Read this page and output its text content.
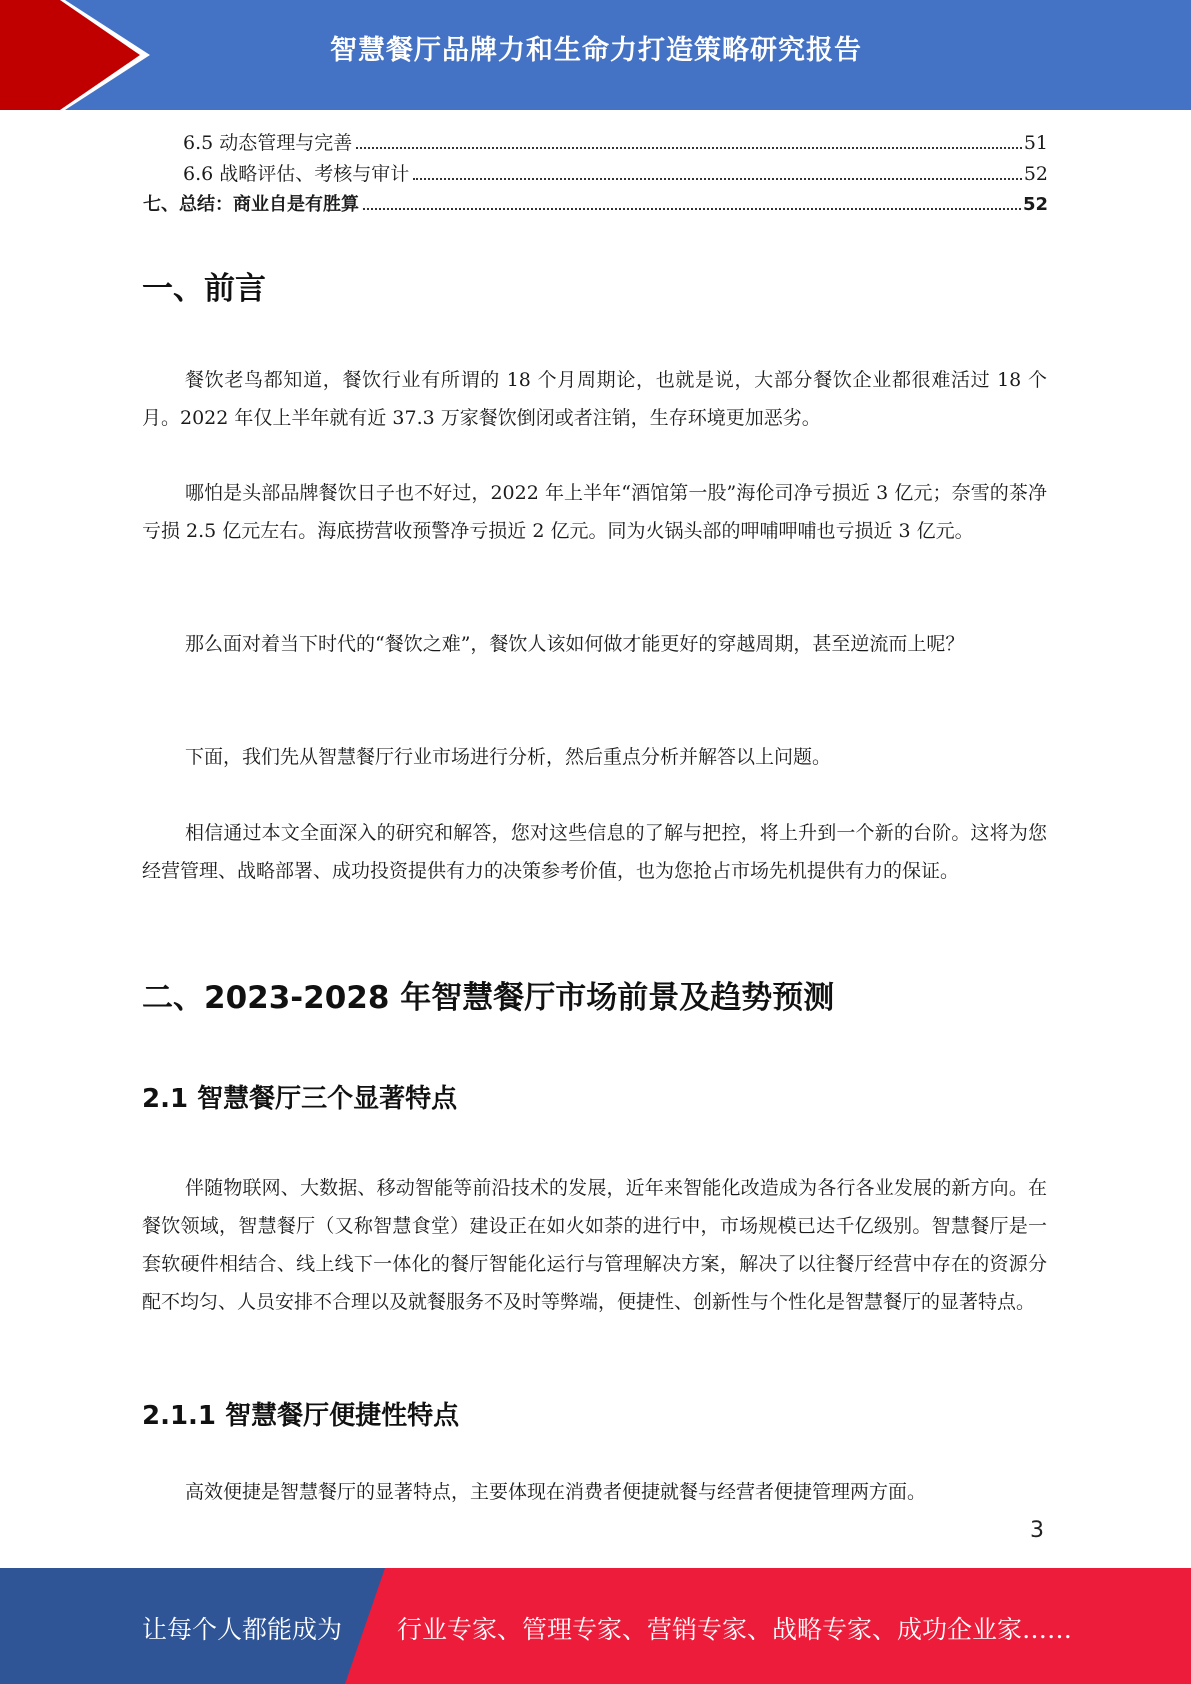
智慧餐厅品牌力和生命力打造策略研究报告
6.5 动态管理与完善	51
6.6 战略评估、考核与审计	52
七、总结：商业自是有胜算	52
一、前言

餐饮老鸟都知道，餐饮行业有所谓的 18 个月周期论，也就是说，大部分餐饮企业都很难活过 18 个月。2022 年仅上半年就有近 37.3 万家餐饮倒闭或者注销，生存环境更加恶劣。

哪怕是头部品牌餐饮日子也不好过，2022 年上半年“酒馆第一股”海伦司净亏损近 3 亿元；奈雪的茶净亏损 2.5 亿元左右。海底捞营收预警净亏损近 2 亿元。同为火锅头部的呷哺呷哺也亏损近 3 亿元。

那么面对着当下时代的“餐饮之难”，餐饮人该如何做才能更好的穿越周期，甚至逆流而上呢？

下面，我们先从智慧餐厅行业市场进行分析，然后重点分析并解答以上问题。

相信通过本文全面深入的研究和解答，您对这些信息的了解与把控，将上升到一个新的台阶。这将为您经营管理、战略部署、成功投资提供有力的决策参考价值，也为您抢占市场先机提供有力的保证。

二、2023-2028 年智慧餐厅市场前景及趋势预测
2.1 智慧餐厅三个显著特点

伴随物联网、大数据、移动智能等前沿技术的发展，近年来智能化改造成为各行各业发展的新方向。在餐饮领域，智慧餐厅（又称智慧食堂）建设正在如火如荼的进行中，市场规模已达千亿级别。智慧餐厅是一套软硬件相结合、线上线下一体化的餐厅智能化运行与管理解决方案，解决了以往餐厅经营中存在的资源分配不均匀、人员安排不合理以及就餐服务不及时等弊端，便捷性、创新性与个性化是智慧餐厅的显著特点。

2.1.1 智慧餐厅便捷性特点

高效便捷是智慧餐厅的显著特点，主要体现在消费者便捷就餐与经营者便捷管理两方面。

3
让每个人都能成为 行业专家、管理专家、营销专家、战略专家、成功企业家……
